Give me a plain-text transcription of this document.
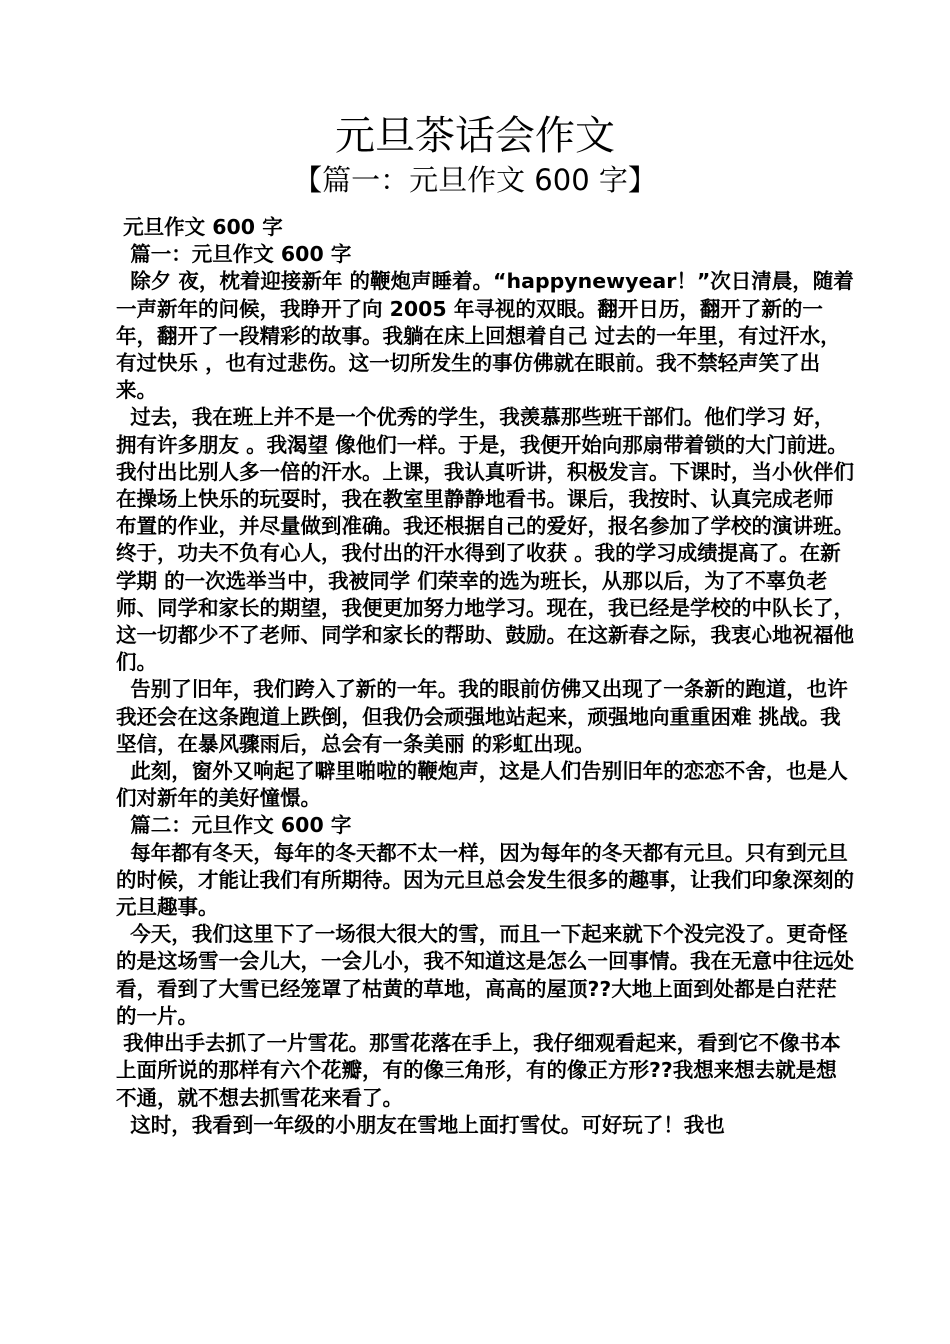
元旦茶话会作文
【篇一：元旦作文 600 字】

元旦作文 600 字

篇一：元旦作文 600 字

除夕 夜，枕着迎接新年 的鞭炮声睡着。“happynewyear！”次日清晨，随着一声新年的问候，我睁开了向 2005 年寻视的双眼。翻开日历，翻开了新的一年，翻开了一段精彩的故事。我躺在床上回想着自己 过去的一年里，有过汗水，有过快乐 ，也有过悲伤。这一切所发生的事仿佛就在眼前。我不禁轻声笑了出来。

过去，我在班上并不是一个优秀的学生，我羡慕那些班干部们。他们学习 好，拥有许多朋友 。我渴望 像他们一样。于是，我便开始向那扇带着锁的大门前进。我付出比别人多一倍的汗水。上课，我认真听讲，积极发言。下课时，当小伙伴们在操场上快乐的玩耍时，我在教室里静静地看书。课后，我按时、认真完成老师 布置的作业，并尽量做到准确。我还根据自己的爱好，报名参加了学校的演讲班。终于，功夫不负有心人，我付出的汗水得到了收获 。我的学习成绩提高了。在新学期 的一次选举当中，我被同学 们荣幸的选为班长，从那以后，为了不辜负老师、同学和家长的期望，我便更加努力地学习。现在，我已经是学校的中队长了，这一切都少不了老师、同学和家长的帮助、鼓励。在这新春之际，我衷心地祝福他们。

告别了旧年，我们跨入了新的一年。我的眼前仿佛又出现了一条新的跑道，也许我还会在这条跑道上跌倒，但我仍会顽强地站起来，顽强地向重重困难 挑战。我坚信，在暴风骤雨后，总会有一条美丽 的彩虹出现。

此刻，窗外又响起了噼里啪啦的鞭炮声，这是人们告别旧年的恋恋不舍，也是人们对新年的美好憧憬。

篇二：元旦作文 600 字

每年都有冬天，每年的冬天都不太一样，因为每年的冬天都有元旦。只有到元旦的时候，才能让我们有所期待。因为元旦总会发生很多的趣事，让我们印象深刻的元旦趣事。

今天，我们这里下了一场很大很大的雪，而且一下起来就下个没完没了。更奇怪的是这场雪一会儿大，一会儿小，我不知道这是怎么一回事情。我在无意中往远处看，看到了大雪已经笼罩了枯黄的草地，高高的屋顶??大地上面到处都是白茫茫的一片。

我伸出手去抓了一片雪花。那雪花落在手上，我仔细观看起来，看到它不像书本上面所说的那样有六个花瓣，有的像三角形，有的像正方形??我想来想去就是想不通，就不想去抓雪花来看了。

这时，我看到一年级的小朋友在雪地上面打雪仗。可好玩了！我也
